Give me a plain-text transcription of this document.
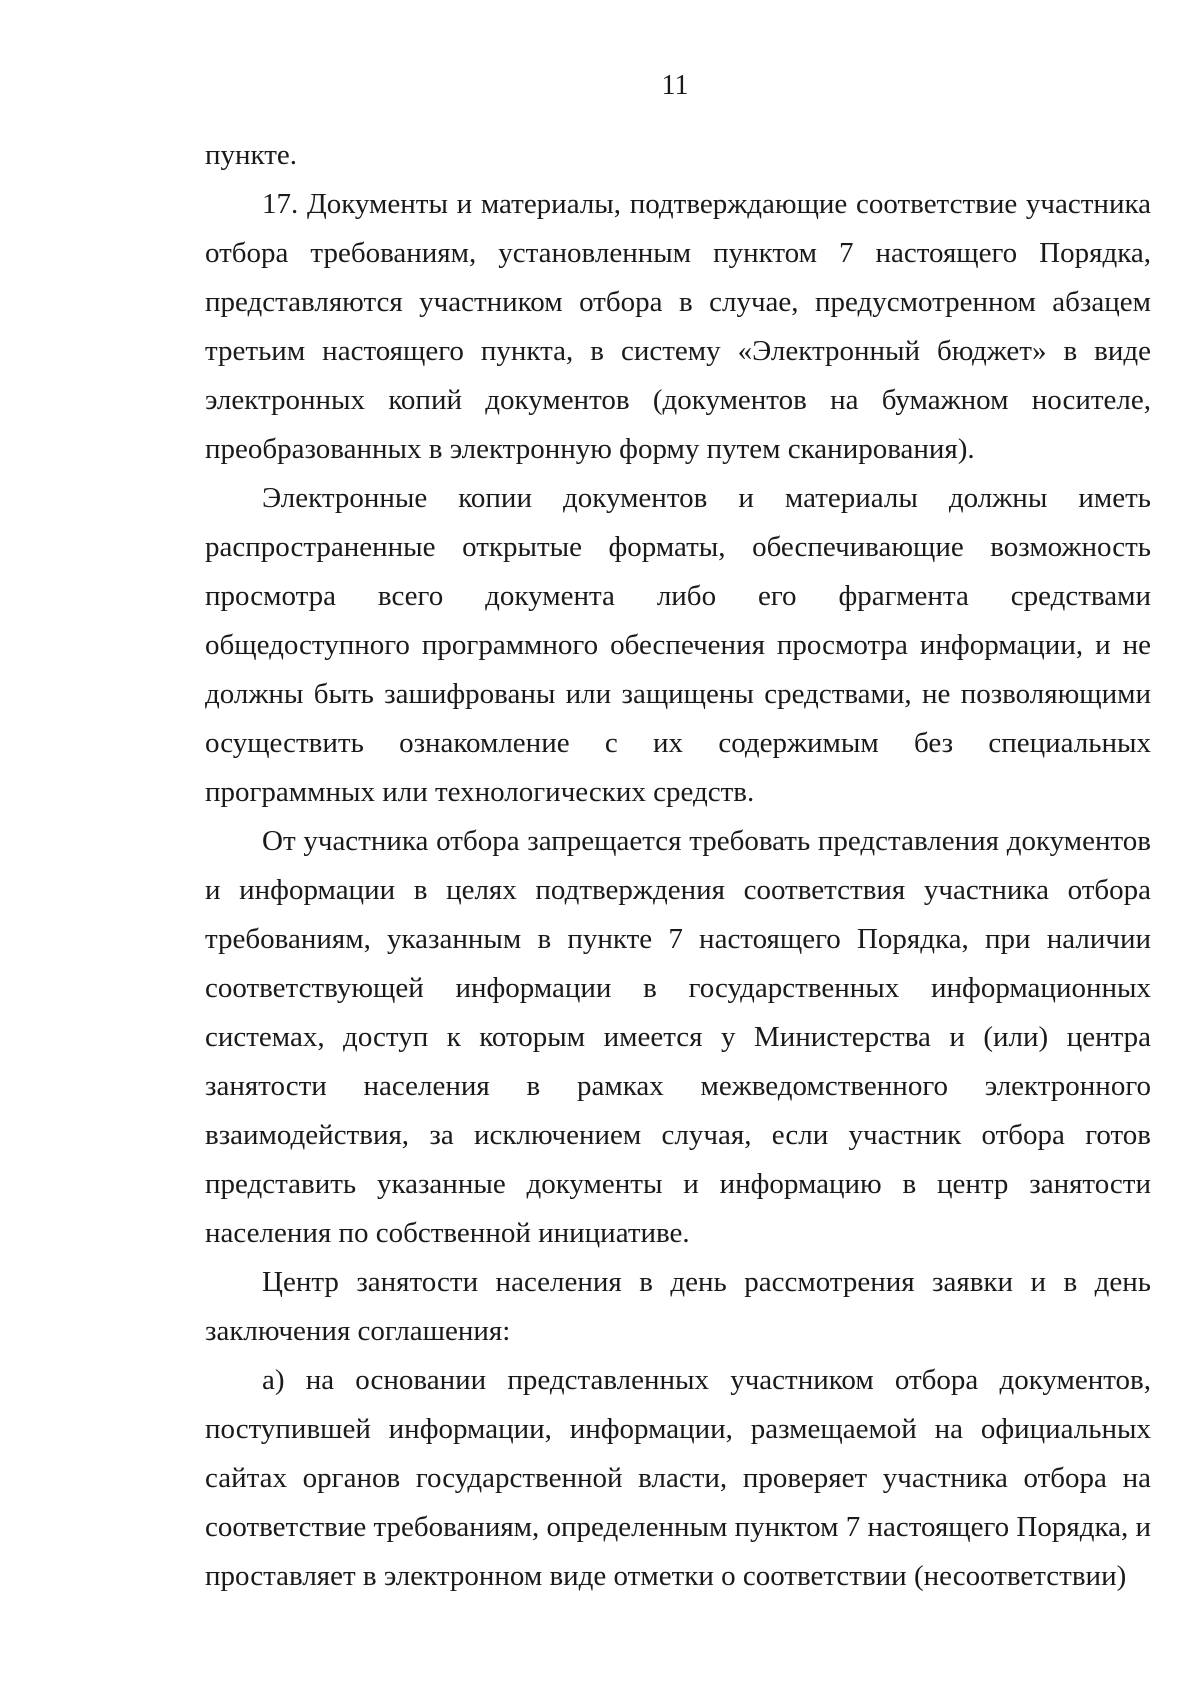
11

пункте.

17. Документы и материалы, подтверждающие соответствие участника отбора требованиям, установленным пунктом 7 настоящего Порядка, представляются участником отбора в случае, предусмотренном абзацем третьим настоящего пункта, в систему «Электронный бюджет» в виде электронных копий документов (документов на бумажном носителе, преобразованных в электронную форму путем сканирования).

Электронные копии документов и материалы должны иметь распространенные открытые форматы, обеспечивающие возможность просмотра всего документа либо его фрагмента средствами общедоступного программного обеспечения просмотра информации, и не должны быть зашифрованы или защищены средствами, не позволяющими осуществить ознакомление с их содержимым без специальных программных или технологических средств.

От участника отбора запрещается требовать представления документов и информации в целях подтверждения соответствия участника отбора требованиям, указанным в пункте 7 настоящего Порядка, при наличии соответствующей информации в государственных информационных системах, доступ к которым имеется у Министерства и (или) центра занятости населения в рамках межведомственного электронного взаимодействия, за исключением случая, если участник отбора готов представить указанные документы и информацию в центр занятости населения по собственной инициативе.

Центр занятости населения в день рассмотрения заявки и в день заключения соглашения:

а) на основании представленных участником отбора документов, поступившей информации, информации, размещаемой на официальных сайтах органов государственной власти, проверяет участника отбора на соответствие требованиям, определенным пунктом 7 настоящего Порядка, и проставляет в электронном виде отметки о соответствии (несоответствии)
